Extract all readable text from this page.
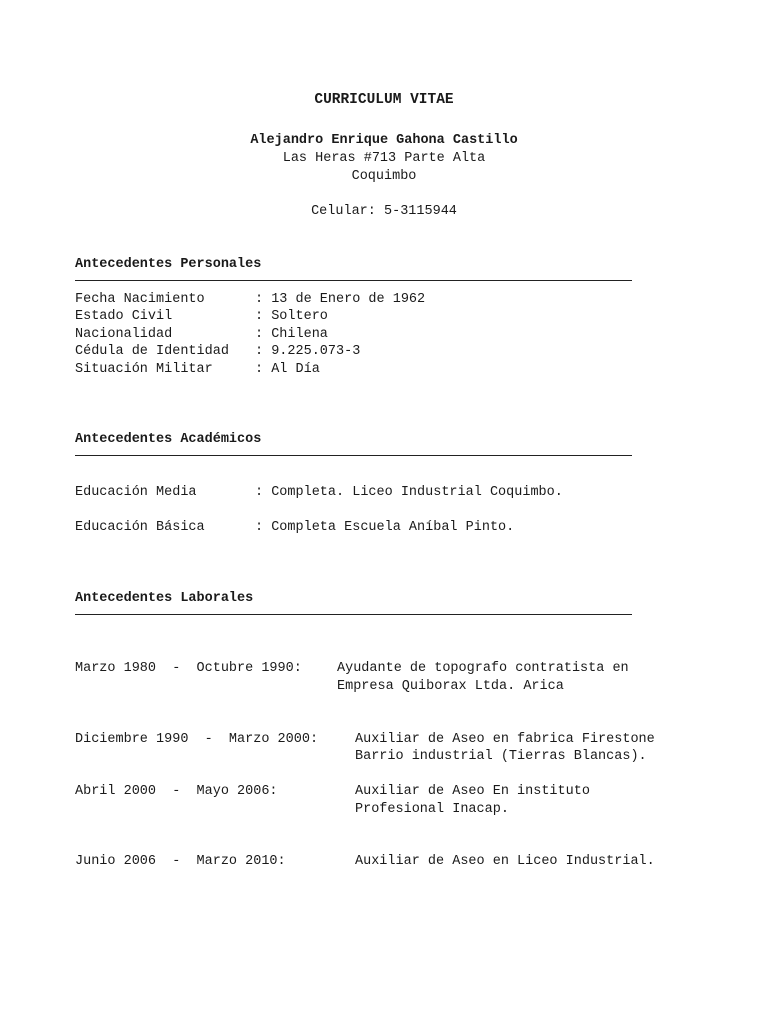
CURRICULUM VITAE
Alejandro Enrique Gahona Castillo
Las Heras #713 Parte Alta
Coquimbo
Celular: 5-3115944
Antecedentes Personales
Fecha Nacimiento	: 13 de Enero de 1962
Estado Civil	: Soltero
Nacionalidad	: Chilena
Cédula de Identidad : 9.225.073-3
Situación Militar	: Al Día
Antecedentes Académicos
Educación Media	: Completa. Liceo Industrial Coquimbo.
Educación Básica	: Completa Escuela Aníbal Pinto.
Antecedentes Laborales
Marzo 1980  -  Octubre 1990:	Ayudante de topografo contratista en
Empresa Quiborax Ltda. Arica
Diciembre 1990  -  Marzo 2000:	Auxiliar de Aseo en fabrica Firestone
Barrio industrial (Tierras Blancas).
Abril 2000  -  Mayo 2006:	Auxiliar de Aseo En instituto
Profesional Inacap.
Junio 2006  -  Marzo 2010:	Auxiliar de Aseo en Liceo Industrial.
